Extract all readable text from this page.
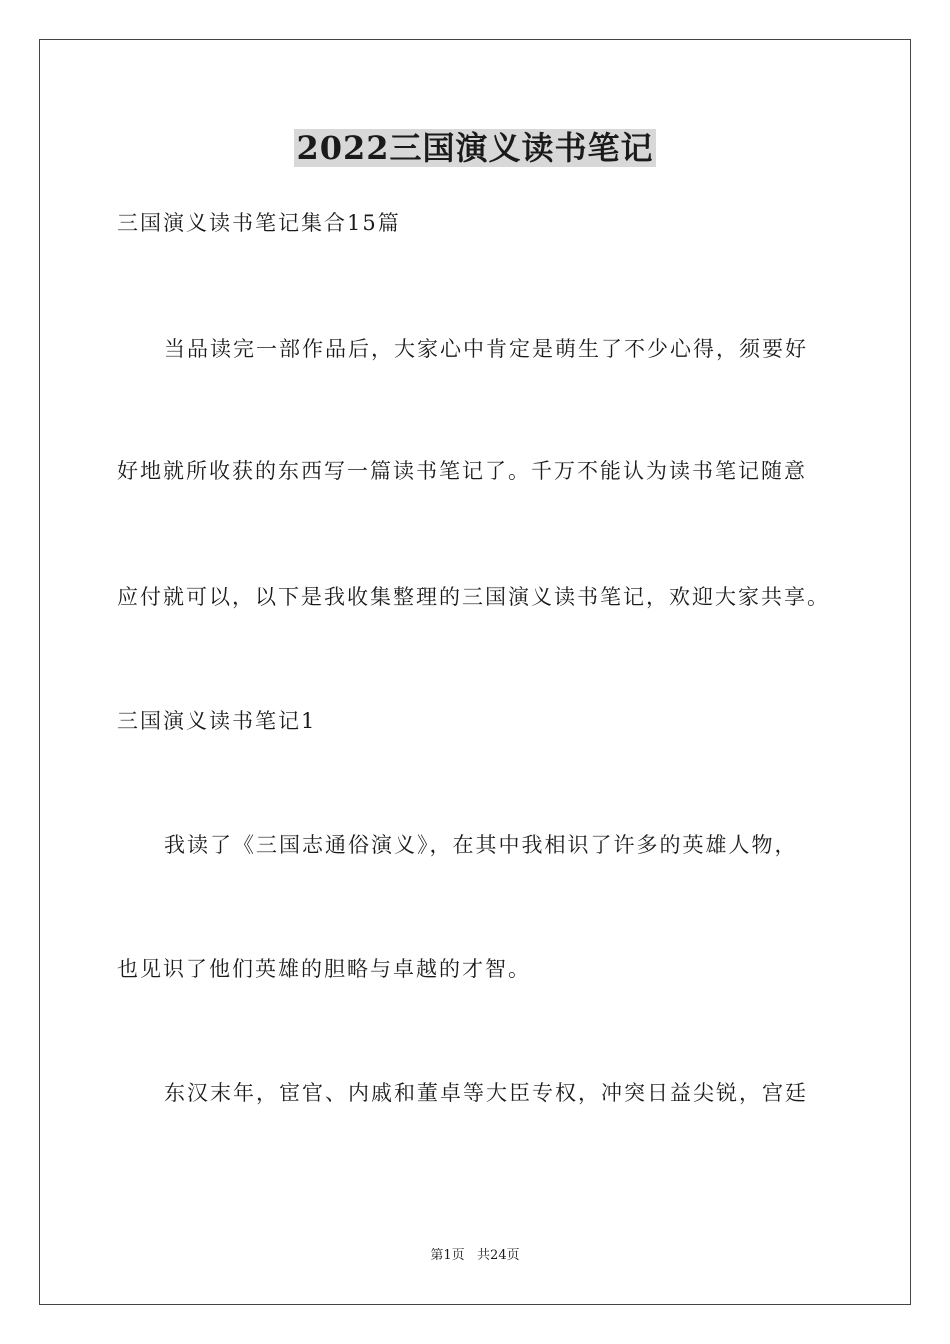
2022三国演义读书笔记
三国演义读书笔记集合15篇
当品读完一部作品后，大家心中肯定是萌生了不少心得，须要好
好地就所收获的东西写一篇读书笔记了。千万不能认为读书笔记随意
应付就可以，以下是我收集整理的三国演义读书笔记，欢迎大家共享。
三国演义读书笔记1
我读了《三国志通俗演义》，在其中我相识了许多的英雄人物，
也见识了他们英雄的胆略与卓越的才智。
东汉末年，宦官、内戚和董卓等大臣专权，冲突日益尖锐，宫廷
第1页   共24页
